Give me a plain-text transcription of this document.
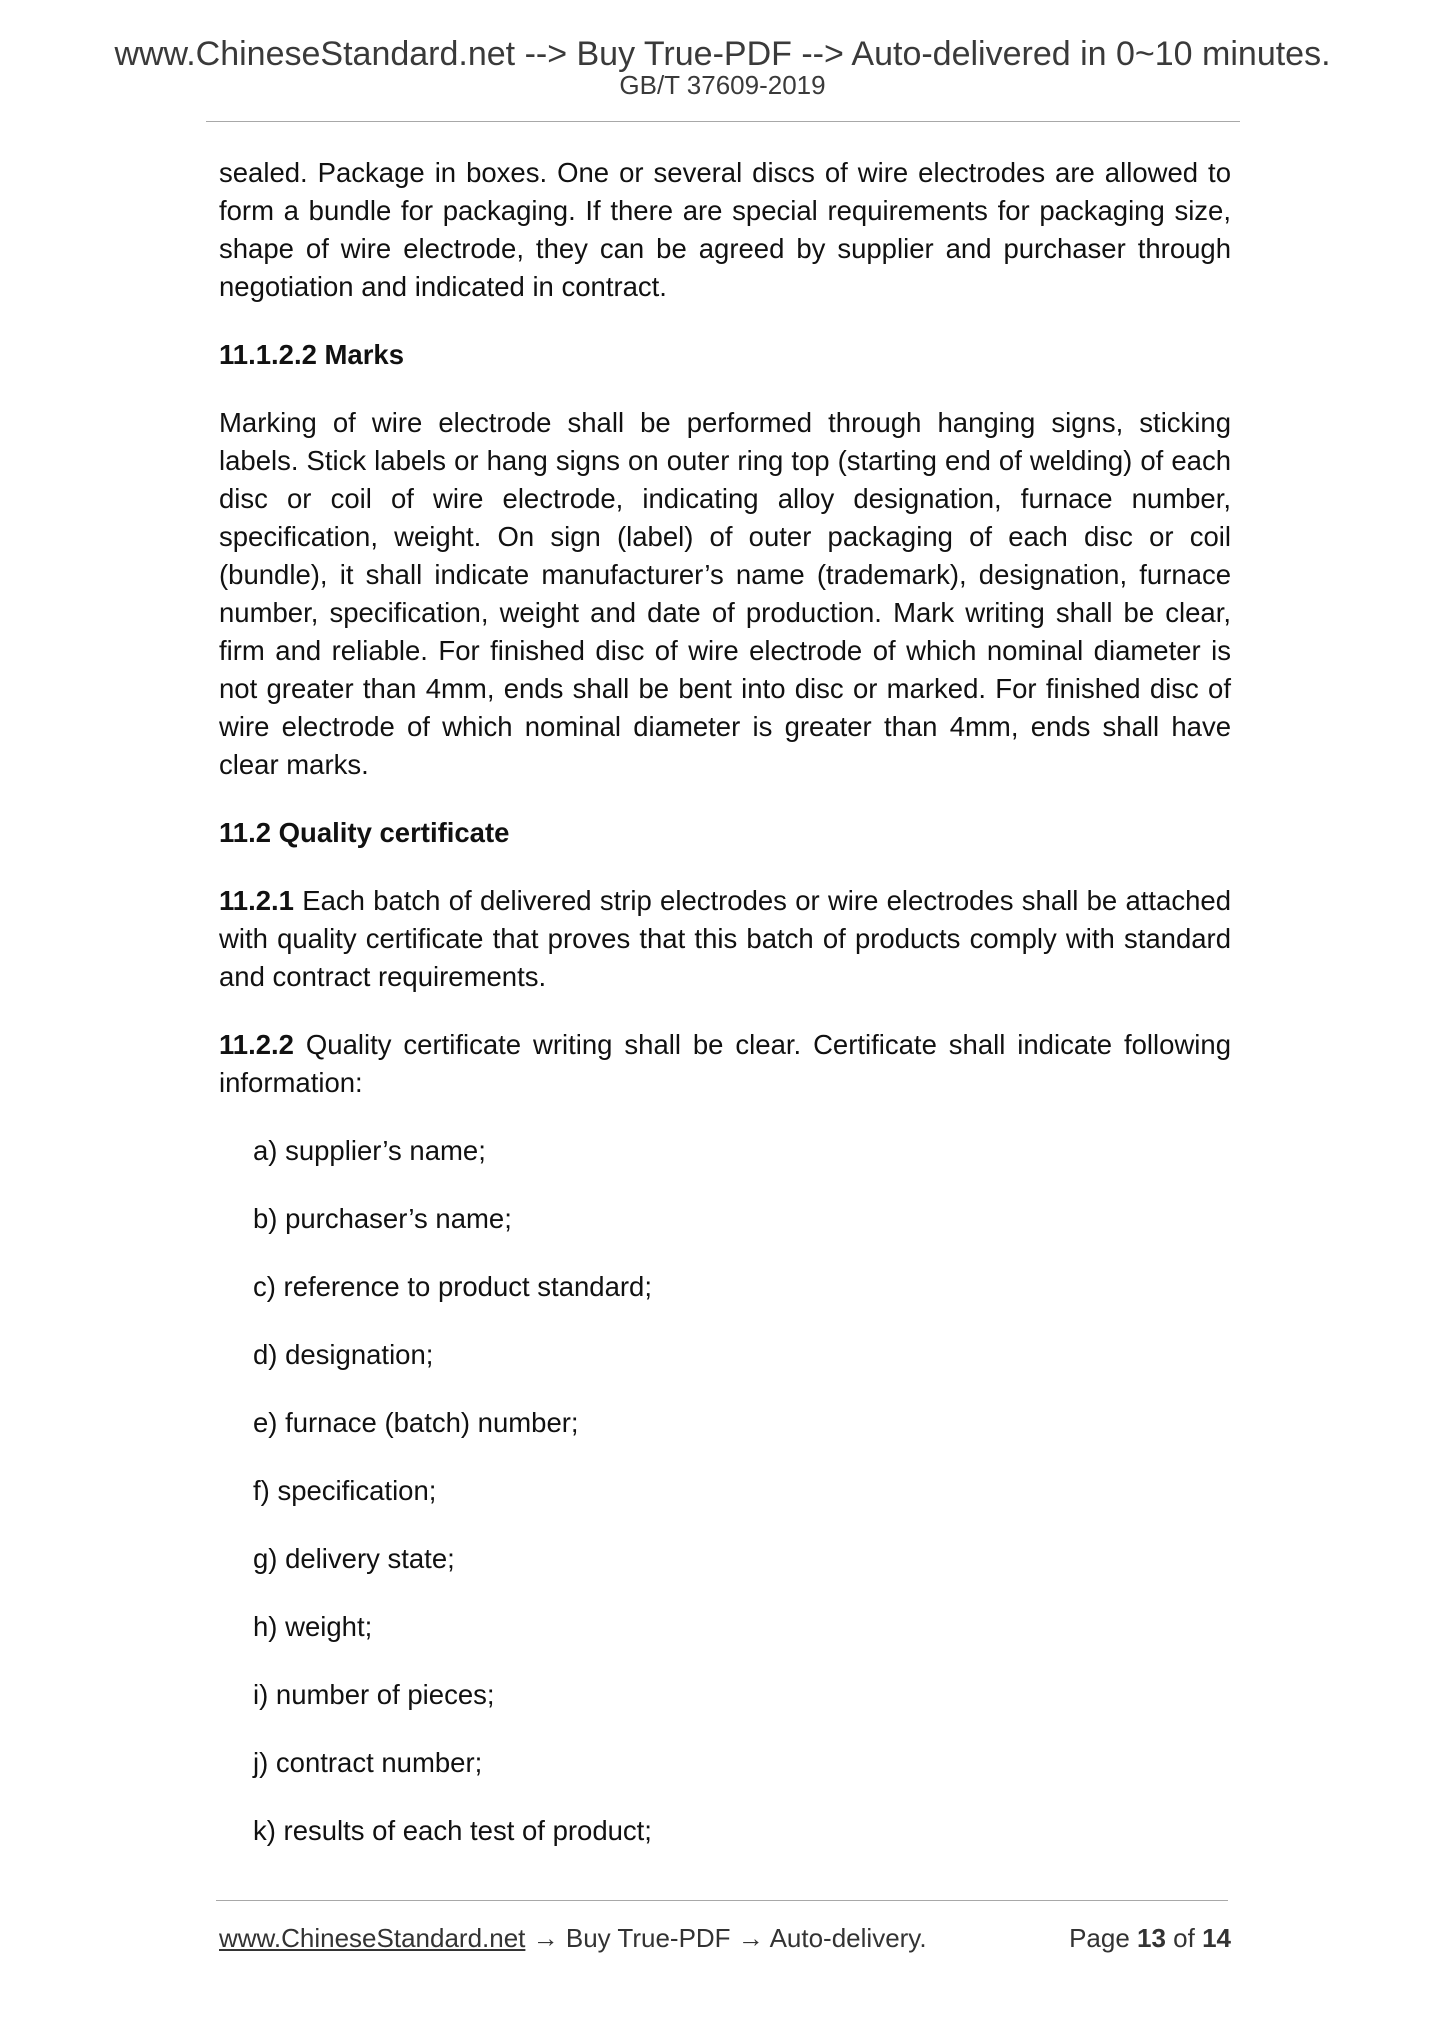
www.ChineseStandard.net --> Buy True-PDF --> Auto-delivered in 0~10 minutes.
GB/T 37609-2019

sealed. Package in boxes. One or several discs of wire electrodes are allowed to form a bundle for packaging. If there are special requirements for packaging size, shape of wire electrode, they can be agreed by supplier and purchaser through negotiation and indicated in contract.

11.1.2.2 Marks

Marking of wire electrode shall be performed through hanging signs, sticking labels. Stick labels or hang signs on outer ring top (starting end of welding) of each disc or coil of wire electrode, indicating alloy designation, furnace number, specification, weight. On sign (label) of outer packaging of each disc or coil (bundle), it shall indicate manufacturer’s name (trademark), designation, furnace number, specification, weight and date of production. Mark writing shall be clear, firm and reliable. For finished disc of wire electrode of which nominal diameter is not greater than 4mm, ends shall be bent into disc or marked. For finished disc of wire electrode of which nominal diameter is greater than 4mm, ends shall have clear marks.

11.2 Quality certificate

11.2.1 Each batch of delivered strip electrodes or wire electrodes shall be attached with quality certificate that proves that this batch of products comply with standard and contract requirements.

11.2.2 Quality certificate writing shall be clear. Certificate shall indicate following information:

a) supplier’s name;
b) purchaser’s name;
c) reference to product standard;
d) designation;
e) furnace (batch) number;
f) specification;
g) delivery state;
h) weight;
i) number of pieces;
j) contract number;
k) results of each test of product;
www.ChineseStandard.net → Buy True-PDF → Auto-delivery.	Page 13 of 14
